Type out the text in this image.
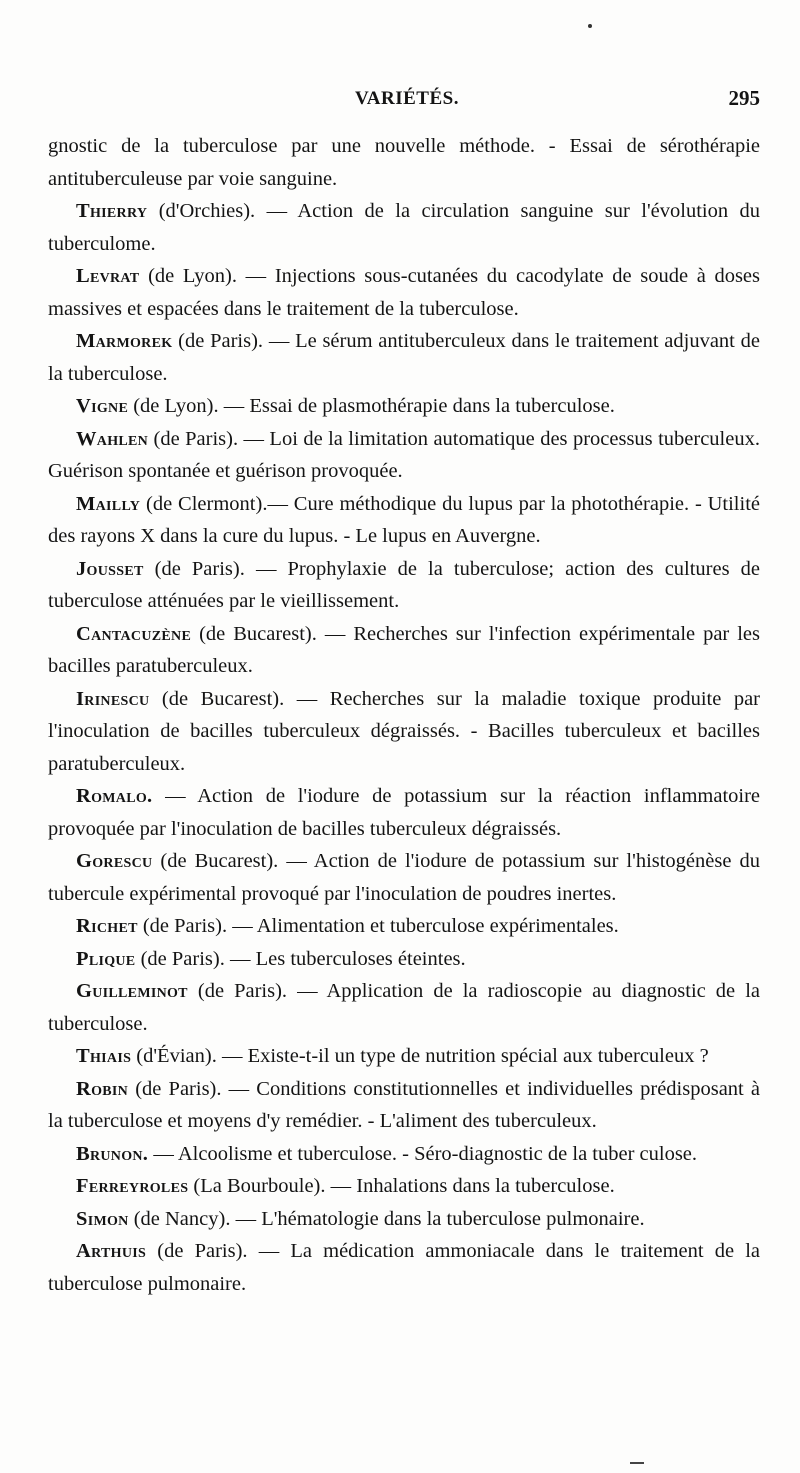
VARIÉTÉS.	295

gnostic de la tuberculose par une nouvelle méthode. - Essai de sérothérapie antituberculeuse par voie sanguine.

Thierry (d'Orchies). — Action de la circulation sanguine sur l'évolution du tuberculome.

Levrat (de Lyon). — Injections sous-cutanées du cacodylate de soude à doses massives et espacées dans le traitement de la tuberculose.

Marmorek (de Paris). — Le sérum antituberculeux dans le traitement adjuvant de la tuberculose.

Vigne (de Lyon). — Essai de plasmothérapie dans la tuberculose.

Wahlen (de Paris). — Loi de la limitation automatique des processus tuberculeux. Guérison spontanée et guérison provoquée.

Mailly (de Clermont).— Cure méthodique du lupus par la photothérapie. - Utilité des rayons X dans la cure du lupus. - Le lupus en Auvergne.

Jousset (de Paris). — Prophylaxie de la tuberculose; action des cultures de tuberculose atténuées par le vieillissement.

Cantacuzène (de Bucarest). — Recherches sur l'infection expérimentale par les bacilles paratuberculeux.

Irinescu (de Bucarest). — Recherches sur la maladie toxique produite par l'inoculation de bacilles tuberculeux dégraissés. - Bacilles tuberculeux et bacilles paratuberculeux.

Romalo. — Action de l'iodure de potassium sur la réaction inflammatoire provoquée par l'inoculation de bacilles tuberculeux dégraissés.

Gorescu (de Bucarest). — Action de l'iodure de potassium sur l'histogénèse du tubercule expérimental provoqué par l'inoculation de poudres inertes.

Richet (de Paris). — Alimentation et tuberculose expérimentales.

Plique (de Paris). — Les tuberculoses éteintes.

Guilleminot (de Paris). — Application de la radioscopie au diagnostic de la tuberculose.

Thiais (d'Évian). — Existe-t-il un type de nutrition spécial aux tuberculeux ?

Robin (de Paris). — Conditions constitutionnelles et individuelles prédisposant à la tuberculose et moyens d'y remédier. - L'aliment des tuberculeux.

Brunon. — Alcoolisme et tuberculose. - Séro-diagnostic de la tuber culose.

Ferreyroles (La Bourboule). — Inhalations dans la tuberculose.

Simon (de Nancy). — L'hématologie dans la tuberculose pulmonaire.

Arthuis (de Paris). — La médication ammoniacale dans le traitement de la tuberculose pulmonaire.
